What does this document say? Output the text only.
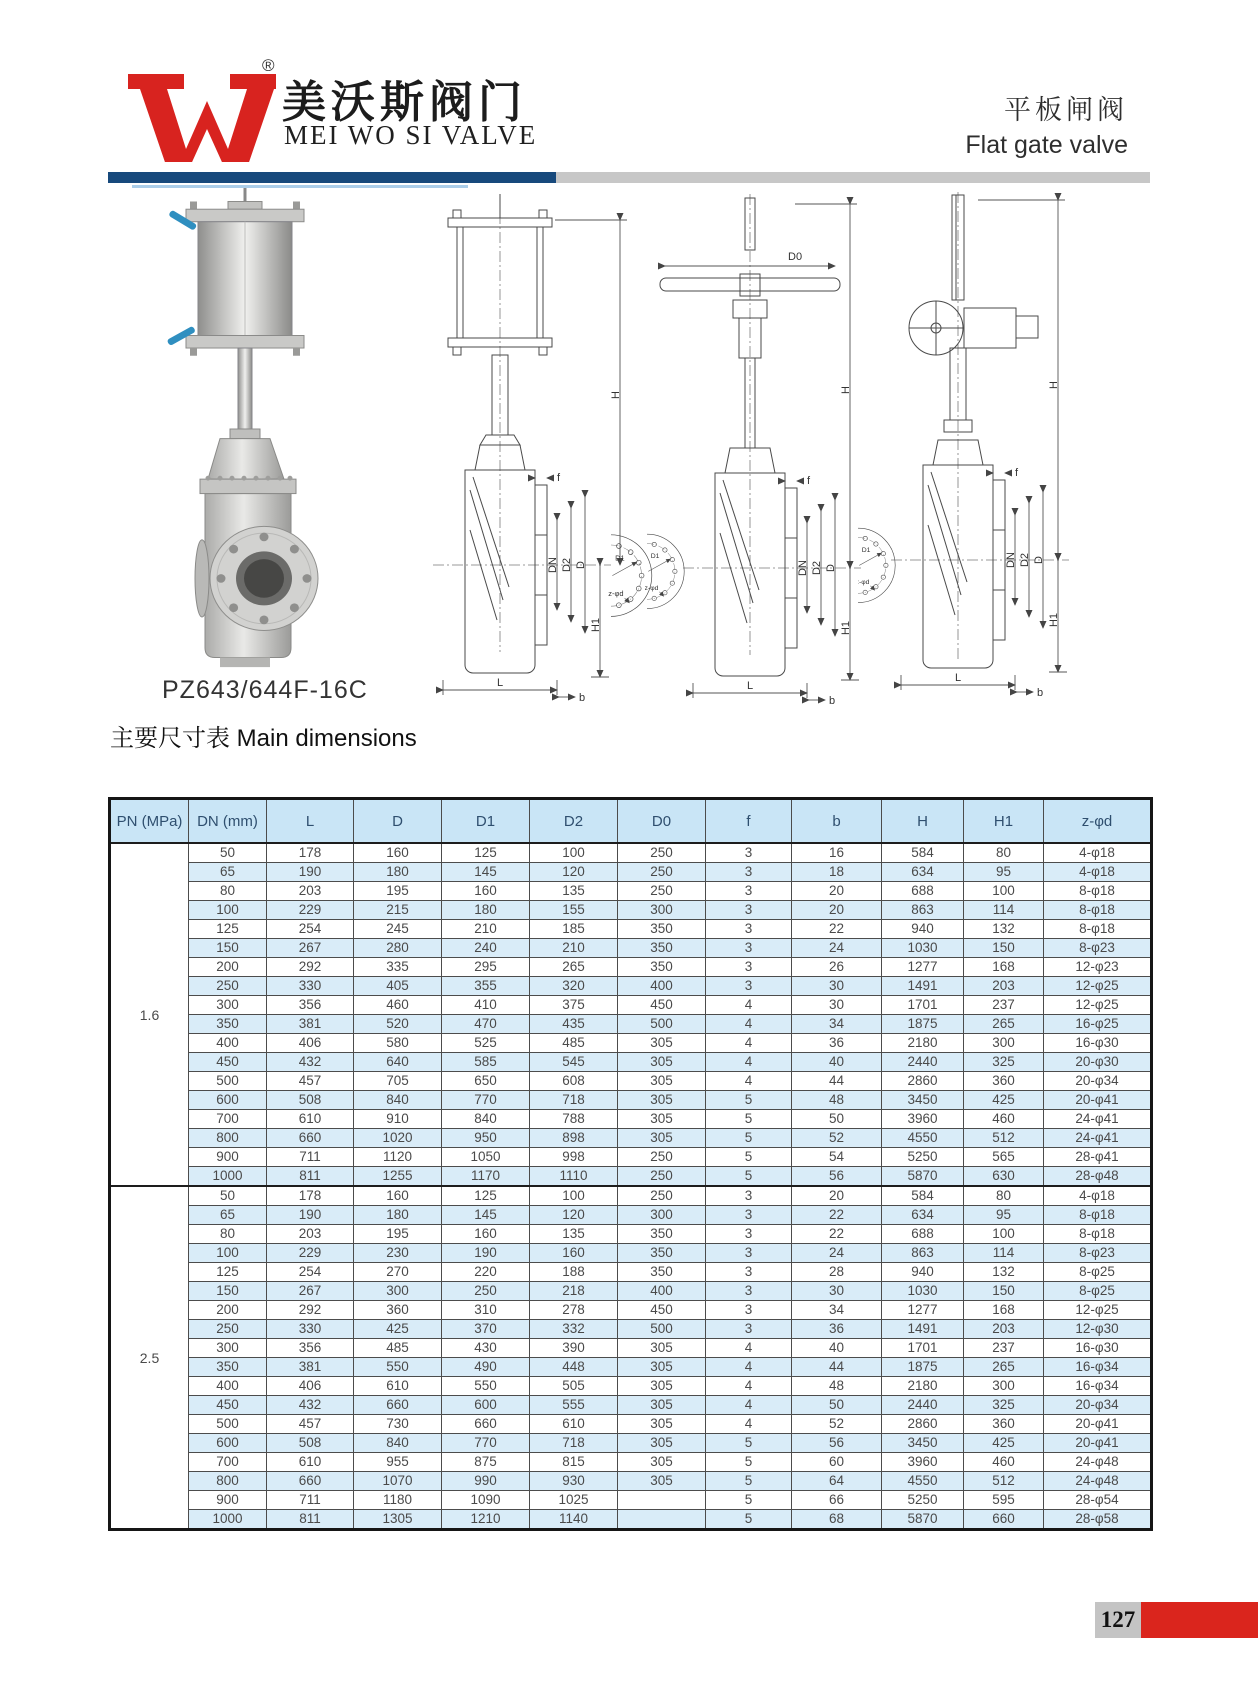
®
美沃斯阀门
MEI WO SI VALVE
平板闸阀
Flat gate valve
H
D0
H
H
PZ643/644F-16C
主要尺寸表 Main dimensions
PN (MPa)	DN (mm)	L	D	D1	D2	D0	f	b	H	H1	z-φd
1.6	50	178	160	125	100	250	3	16	584	80	4-φ18
	65	190	180	145	120	250	3	18	634	95	4-φ18
	80	203	195	160	135	250	3	20	688	100	8-φ18
	100	229	215	180	155	300	3	20	863	114	8-φ18
	125	254	245	210	185	350	3	22	940	132	8-φ18
	150	267	280	240	210	350	3	24	1030	150	8-φ23
	200	292	335	295	265	350	3	26	1277	168	12-φ23
	250	330	405	355	320	400	3	30	1491	203	12-φ25
	300	356	460	410	375	450	4	30	1701	237	12-φ25
	350	381	520	470	435	500	4	34	1875	265	16-φ25
	400	406	580	525	485	305	4	36	2180	300	16-φ30
	450	432	640	585	545	305	4	40	2440	325	20-φ30
	500	457	705	650	608	305	4	44	2860	360	20-φ34
	600	508	840	770	718	305	5	48	3450	425	20-φ41
	700	610	910	840	788	305	5	50	3960	460	24-φ41
	800	660	1020	950	898	305	5	52	4550	512	24-φ41
	900	711	1120	1050	998	250	5	54	5250	565	28-φ41
	1000	811	1255	1170	1110	250	5	56	5870	630	28-φ48
2.5	50	178	160	125	100	250	3	20	584	80	4-φ18
	65	190	180	145	120	300	3	22	634	95	8-φ18
	80	203	195	160	135	350	3	22	688	100	8-φ18
	100	229	230	190	160	350	3	24	863	114	8-φ23
	125	254	270	220	188	350	3	28	940	132	8-φ25
	150	267	300	250	218	400	3	30	1030	150	8-φ25
	200	292	360	310	278	450	3	34	1277	168	12-φ25
	250	330	425	370	332	500	3	36	1491	203	12-φ30
	300	356	485	430	390	305	4	40	1701	237	16-φ30
	350	381	550	490	448	305	4	44	1875	265	16-φ34
	400	406	610	550	505	305	4	48	2180	300	16-φ34
	450	432	660	600	555	305	4	50	2440	325	20-φ34
	500	457	730	660	610	305	4	52	2860	360	20-φ41
	600	508	840	770	718	305	5	56	3450	425	20-φ41
	700	610	955	875	815	305	5	60	3960	460	24-φ48
	800	660	1070	990	930	305	5	64	4550	512	24-φ48
	900	711	1180	1090	1025		5	66	5250	595	28-φ54
	1000	811	1305	1210	1140		5	68	5870	660	28-φ58
127
